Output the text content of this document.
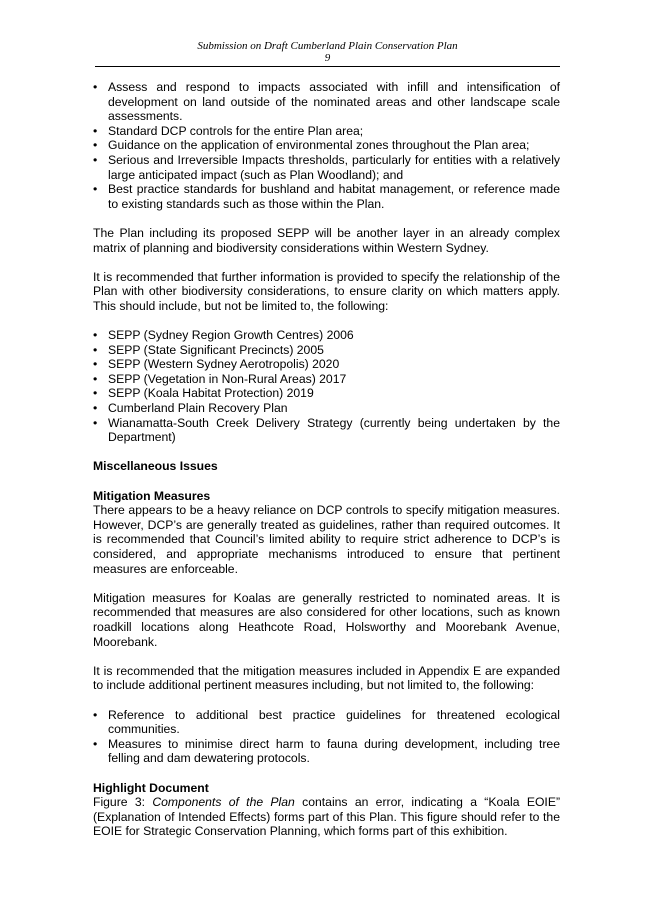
Submission on Draft Cumberland Plain Conservation Plan
9
• Assess and respond to impacts associated with infill and intensification of development on land outside of the nominated areas and other landscape scale assessments.
• Standard DCP controls for the entire Plan area;
• Guidance on the application of environmental zones throughout the Plan area;
• Serious and Irreversible Impacts thresholds, particularly for entities with a relatively large anticipated impact (such as Plan Woodland); and
• Best practice standards for bushland and habitat management, or reference made to existing standards such as those within the Plan.

The Plan including its proposed SEPP will be another layer in an already complex matrix of planning and biodiversity considerations within Western Sydney.

It is recommended that further information is provided to specify the relationship of the Plan with other biodiversity considerations, to ensure clarity on which matters apply. This should include, but not be limited to, the following:

• SEPP (Sydney Region Growth Centres) 2006
• SEPP (State Significant Precincts) 2005
• SEPP (Western Sydney Aerotropolis) 2020
• SEPP (Vegetation in Non-Rural Areas) 2017
• SEPP (Koala Habitat Protection) 2019
• Cumberland Plain Recovery Plan
• Wianamatta-South Creek Delivery Strategy (currently being undertaken by the Department)

Miscellaneous Issues

Mitigation Measures

There appears to be a heavy reliance on DCP controls to specify mitigation measures. However, DCP’s are generally treated as guidelines, rather than required outcomes. It is recommended that Council’s limited ability to require strict adherence to DCP’s is considered, and appropriate mechanisms introduced to ensure that pertinent measures are enforceable.

Mitigation measures for Koalas are generally restricted to nominated areas. It is recommended that measures are also considered for other locations, such as known roadkill locations along Heathcote Road, Holsworthy and Moorebank Avenue, Moorebank.

It is recommended that the mitigation measures included in Appendix E are expanded to include additional pertinent measures including, but not limited to, the following:

• Reference to additional best practice guidelines for threatened ecological communities.
• Measures to minimise direct harm to fauna during development, including tree felling and dam dewatering protocols.

Highlight Document

Figure 3: Components of the Plan contains an error, indicating a “Koala EOIE” (Explanation of Intended Effects) forms part of this Plan. This figure should refer to the EOIE for Strategic Conservation Planning, which forms part of this exhibition.
